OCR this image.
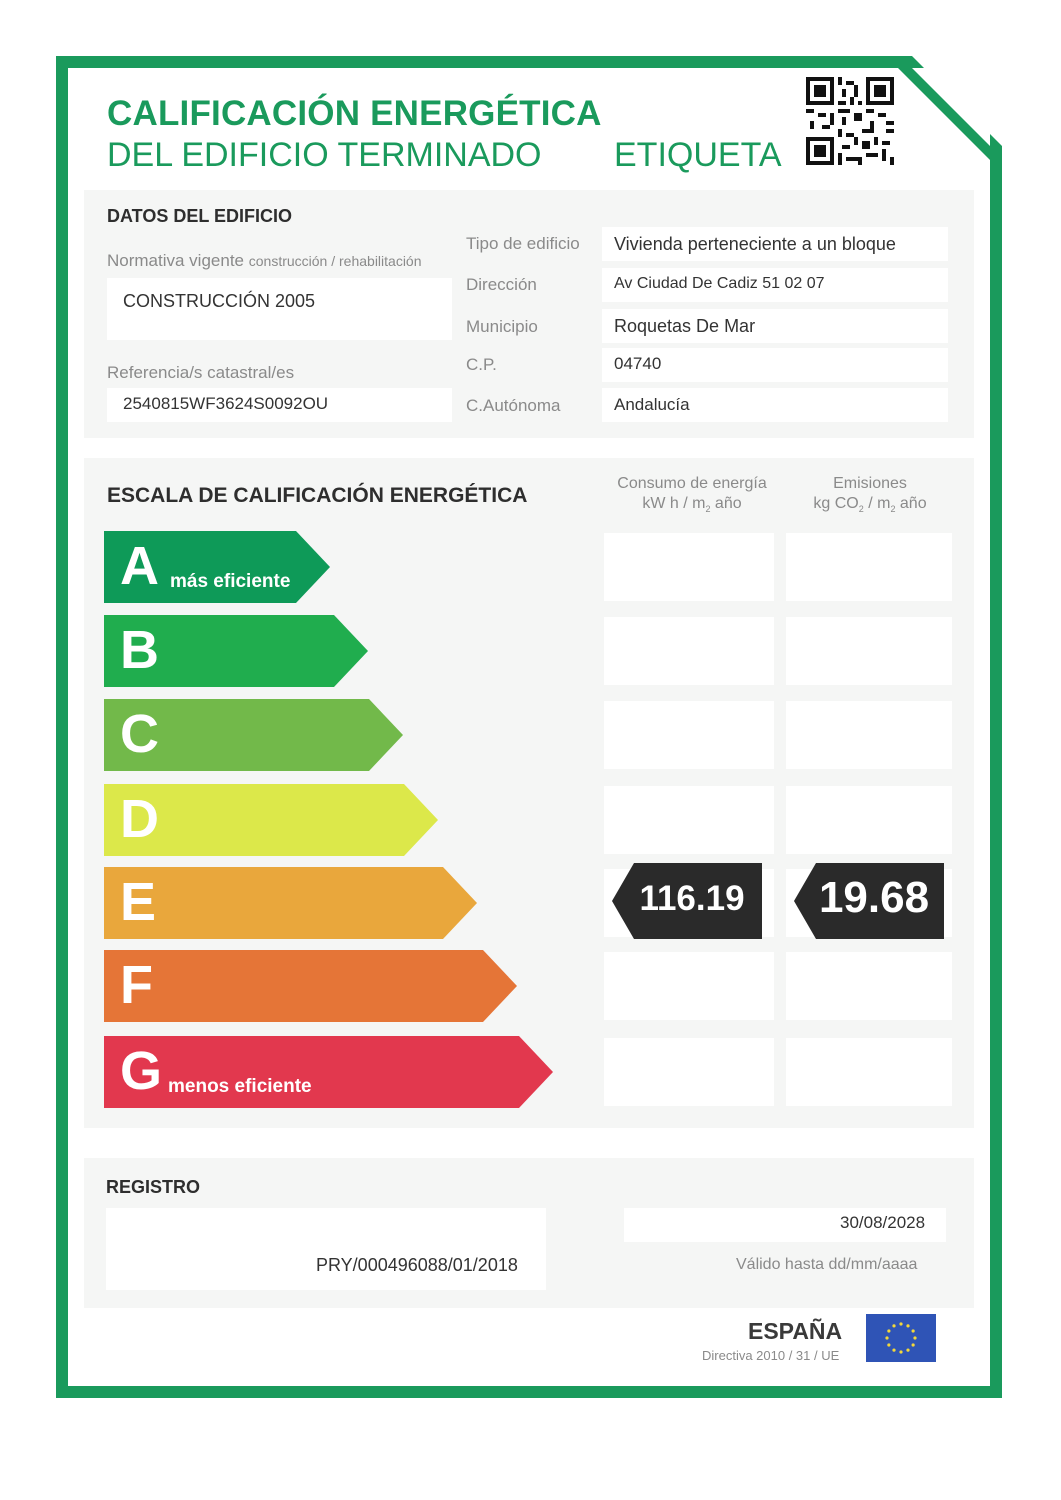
CALIFICACIÓN ENERGÉTICA
DEL EDIFICIO TERMINADO ETIQUETA
DATOS DEL EDIFICIO
Normativa vigente construcción / rehabilitación
CONSTRUCCIÓN 2005
Referencia/s catastral/es
2540815WF3624S0092OU
Tipo de edificio Vivienda perteneciente a un bloque
Dirección	Av Ciudad De Cadiz 51 02 07
Municipio	Roquetas De Mar
C.P.	04740
C.Autónoma	Andalucía
ESCALA DE CALIFICACIÓN ENERGÉTICA
Consumo de energía
kW h / $m_2$ año
Emisiones
kg $CO_2 / m_2$ año
A más eficiente
B
C
D
E	116.19	19.68
F
G menos eficiente
REGISTRO
PRY/000496088/01/2018
30/08/2028
Válido hasta dd/mm/aaaa
ESPAÑA
Directiva 2010 / 31 / UE
